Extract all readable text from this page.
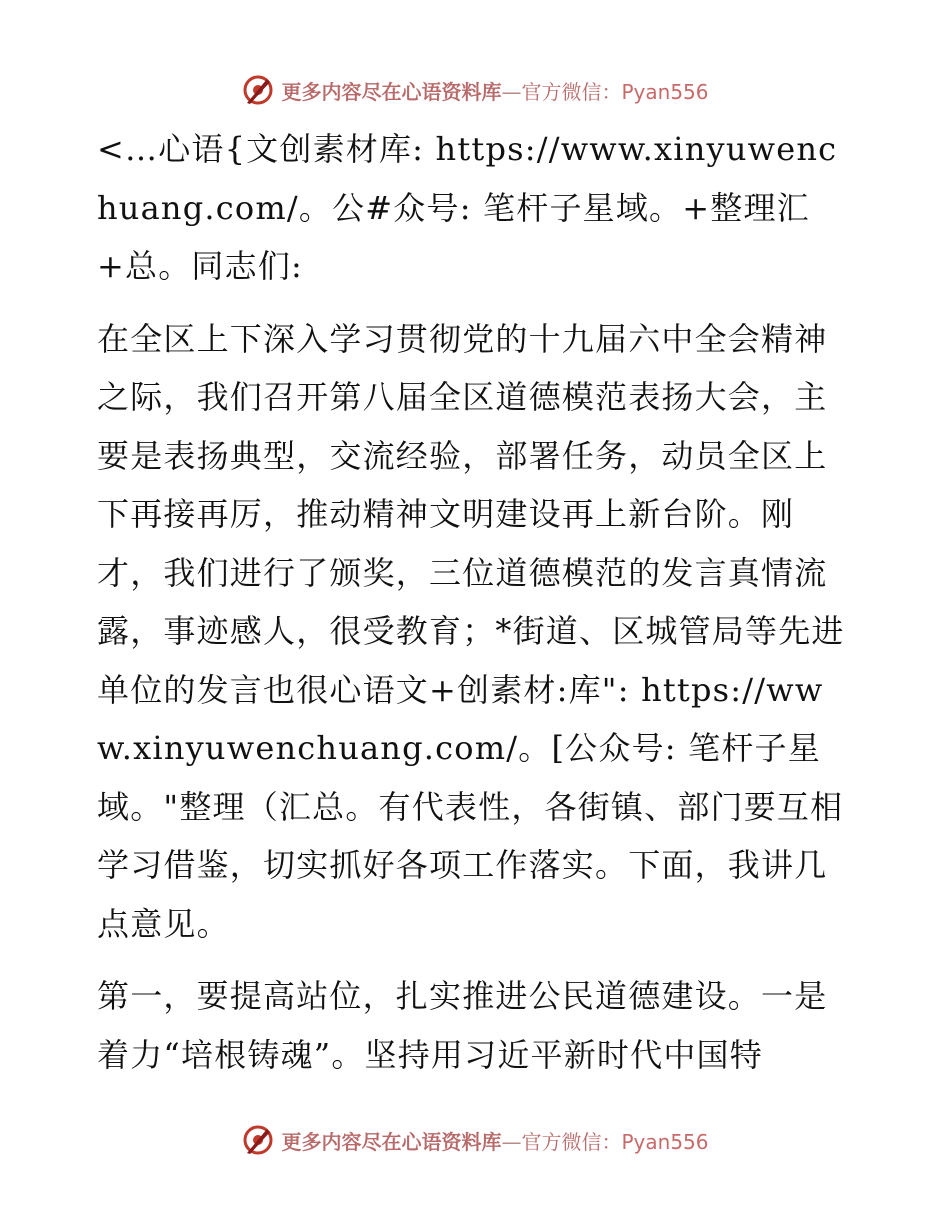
更多内容尽在心语资料库—官方微信：Pyan556

<…心语{文创素材库: https://www.xinyuwenchuang.com/。公#众号: 笔杆子星域。+整理汇+总。同志们:

在全区上下深入学习贯彻党的十九届六中全会精神之际，我们召开第八届全区道德模范表扬大会，主要是表扬典型，交流经验，部署任务，动员全区上下再接再厉，推动精神文明建设再上新台阶。刚才，我们进行了颁奖，三位道德模范的发言真情流露，事迹感人，很受教育；*街道、区城管局等先进单位的发言也很心语文+创素材:库": https://www.xinyuwenchuang.com/。[公众号: 笔杆子星域。"整理（汇总。有代表性，各街镇、部门要互相学习借鉴，切实抓好各项工作落实。下面，我讲几点意见。

第一，要提高站位，扎实推进公民道德建设。一是着力“培根铸魂”。坚持用习近平新时代中国特

更多内容尽在心语资料库—官方微信：Pyan556
